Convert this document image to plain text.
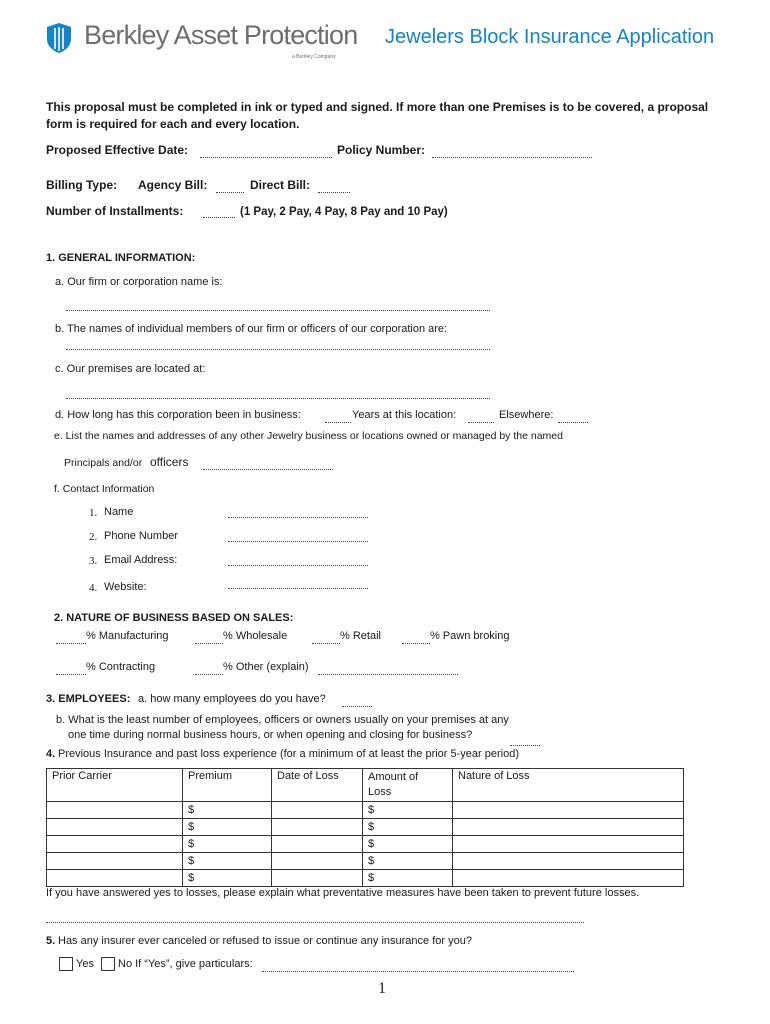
Berkley Asset Protection
a Berkley Company
Jewelers Block Insurance Application
This proposal must be completed in ink or typed and signed. If more than one Premises is to be covered, a proposal form is required for each and every location.
Proposed Effective Date:	Policy Number:
Billing Type: Agency Bill:	Direct Bill:
Number of Installments:	(1 Pay, 2 Pay, 4 Pay, 8 Pay and 10 Pay)
1. GENERAL INFORMATION:
a. Our firm or corporation name is:
b. The names of individual members of our firm or officers of our corporation are:
c. Our premises are located at:
d. How long has this corporation been in business:	Years at this location:	Elsewhere:
e. List the names and addresses of any other Jewelry business or locations owned or managed by the named
Principals and/or officers
f. Contact Information
1. Name
2. Phone Number
3. Email Address:
4. Website:
2. NATURE OF BUSINESS BASED ON SALES:
% Manufacturing	% Wholesale	% Retail	% Pawn broking
% Contracting	% Other (explain)
3. EMPLOYEES: a. how many employees do you have?
b. What is the least number of employees, officers or owners usually on your premises at any
one time during normal business hours, or when opening and closing for business?
4. Previous Insurance and past loss experience (for a minimum of at least the prior 5-year period)
Prior Carrier	Premium	Date of Loss	Amount of Loss	Nature of Loss
	$		$	
	$		$	
	$		$	
	$		$	
	$		$	
If you have answered yes to losses, please explain what preventative measures have been taken to prevent future losses.
5. Has any insurer ever canceled or refused to issue or continue any insurance for you?
Yes No If “Yes”, give particulars:
1
